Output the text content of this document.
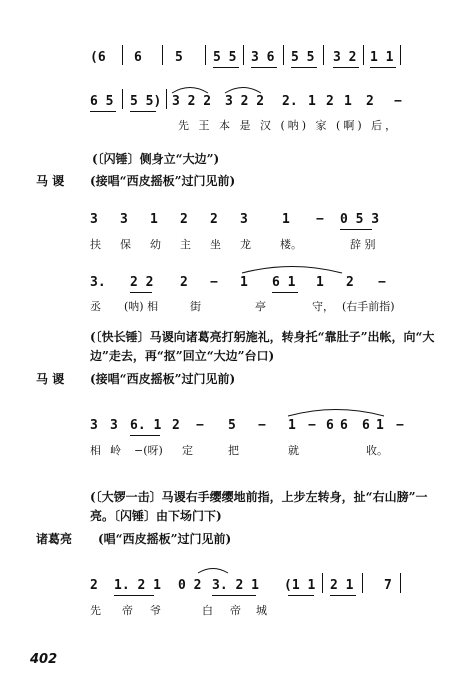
(6 6	5 5 5 3 6 5 5 3 2 1 1
6 5 5 5) 3 2 2 3 2 2 2. 1 2 1 2 −
先 王 本 是 汉 (呐) 家 (啊) 后，
(〔闪锤〕侧身立“大边”)
马 谡 (接唱“西皮摇板”过门见前)
3 3 1 2 2 3	1 − 0 5 3
扶 保 幼 主 坐 龙	楼。	辞 别
3. 2 2 2 − 1 6 1 1 2 −
丞 (呐) 相	街	亭	守， (右手前指)
(〔快长锤〕马谡向诸葛亮打躬施礼，转身托“靠肚子”出帐，向“大边”走去，再“抠”回立“大边”台口)
马 谡 (接唱“西皮摇板”过门见前)
3 3 6. 1 2 − 5 − 1 − 6 6 6 1 −
相 岭 −(呀) 定	把	就	收。
(〔大锣一击〕马谡右手缨缨地前指，上步左转身，扯“右山膀”一亮。〔闪锤〕由下场门下)
诸葛亮 (唱“西皮摇板”过门见前)
2 1. 2 1 0 2 3. 2 1 (1 1 2 1 7
先 帝 爷	白 帝 城
402
